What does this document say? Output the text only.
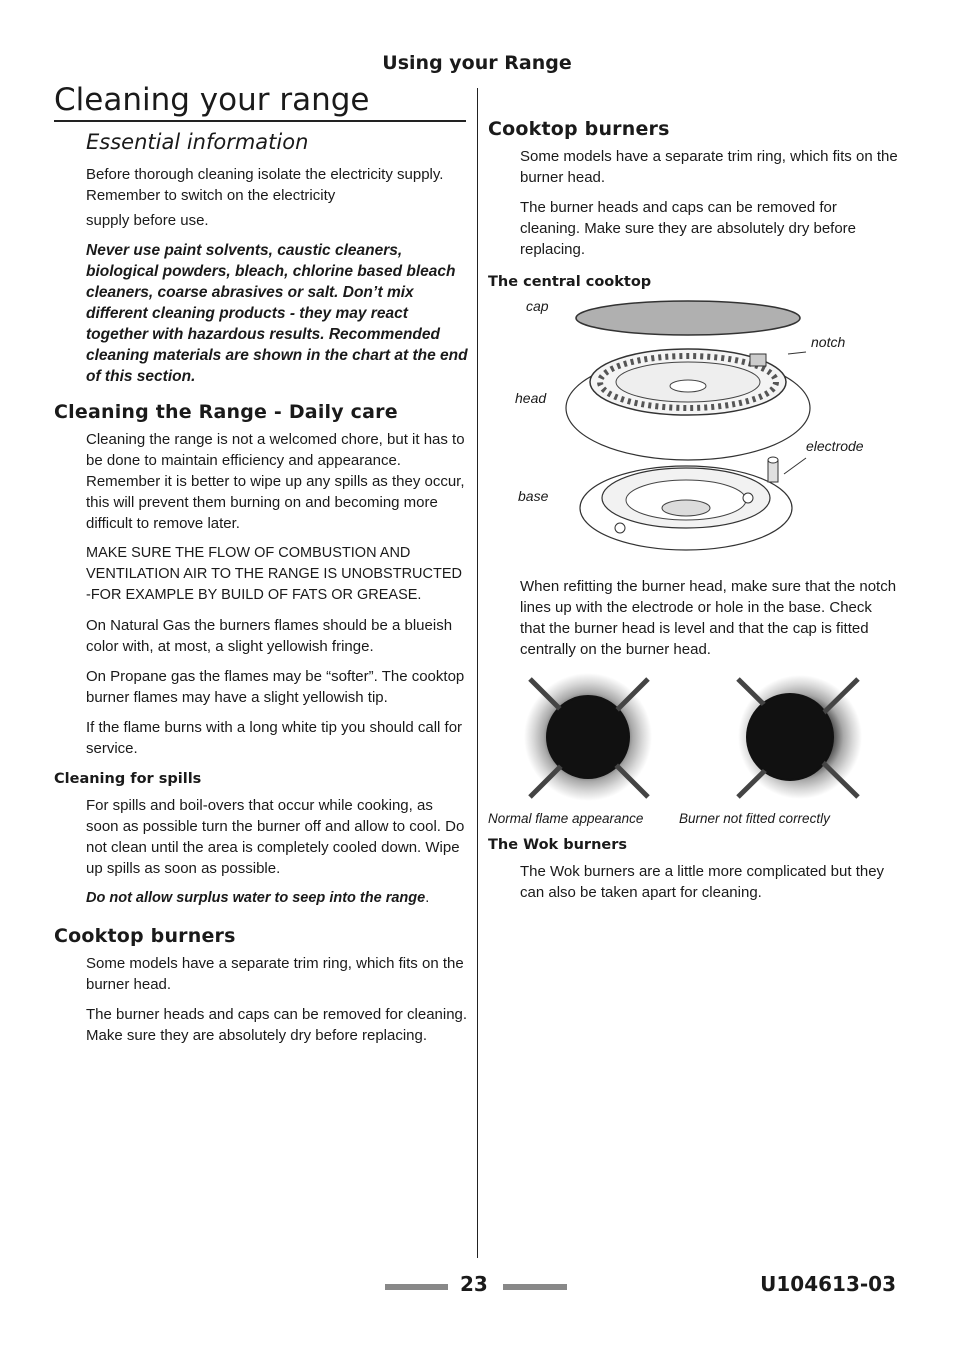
Using your Range
Cleaning your range
Essential information

Before thorough cleaning isolate the electricity supply. Remember to switch on the electricity

supply before use.

Never use paint solvents, caustic cleaners, biological powders, bleach, chlorine based bleach cleaners, coarse abrasives or salt. Don’t mix different cleaning products - they may react together with hazardous results. Recommended cleaning materials are shown in the chart at the end of this section.

Cleaning the Range - Daily care

Cleaning the range is not a welcomed chore, but it has to be done to maintain efficiency and appearance. Remember it is better to wipe up any spills as they occur, this will prevent them burning on and becoming more difficult to remove later.

MAKE SURE THE FLOW OF COMBUSTION AND VENTILATION AIR TO THE RANGE IS UNOBSTRUCTED -FOR EXAMPLE BY BUILD OF FATS OR GREASE.

On Natural Gas the burners flames should be a blueish color with, at most, a slight yellowish fringe.

On Propane gas the flames may be “softer”. The cooktop burner flames may have a slight yellowish tip.

If the flame burns with a long white tip you should call for service.

Cleaning for spills

For spills and boil-overs that occur while cooking, as soon as possible turn the burner off and allow to cool. Do not clean until the area is completely cooled down. Wipe up spills as soon as possible.

Do not allow surplus water to seep into the range.

Cooktop burners

Some models have a separate trim ring, which fits on the burner head.

The burner heads and caps can be removed for cleaning. Make sure they are absolutely dry before replacing.

Cooktop burners

Some models have a separate trim ring, which fits on the burner head.

The burner heads and caps can be removed for cleaning. Make sure they are absolutely dry before replacing.

The central cooktop
cap
notch
head
electrode
base

When refitting the burner head, make sure that the notch lines up with the electrode or hole in the base. Check that the burner head is level and that the cap is fitted centrally on the burner head.

Normal flame appearance	Burner not fitted correctly
The Wok burners

The Wok burners are a little more complicated but they can also be taken apart for cleaning.

23	U104613-03
